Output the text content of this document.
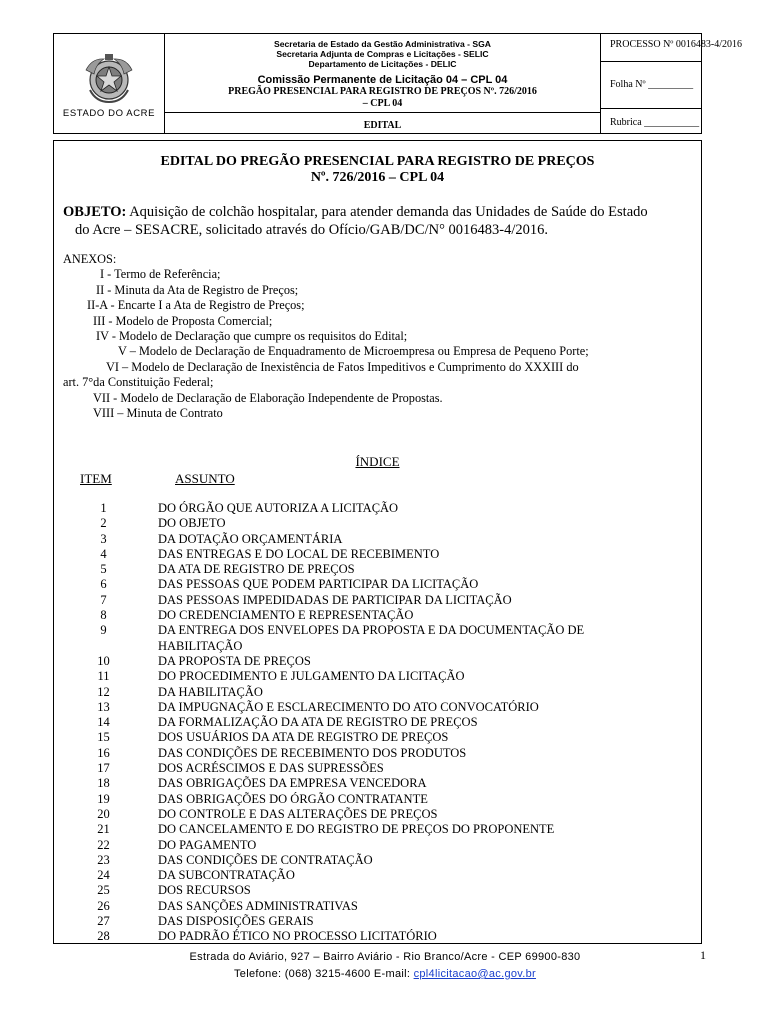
ESTADO DO ACRE
Secretaria de Estado da Gestão Administrativa - SGA
Secretaria Adjunta de Compras e Licitações - SELIC
Departamento de Licitações - DELIC
Comissão Permanente de Licitação 04 – CPL 04
PREGÃO PRESENCIAL PARA REGISTRO DE PREÇOS Nº. 726/2016
– CPL 04
EDITAL
PROCESSO Nº 0016483-4/2016
Folha Nº _________
Rubrica ___________
EDITAL DO PREGÃO PRESENCIAL PARA REGISTRO DE PREÇOS
Nº. 726/2016 – CPL 04
OBJETO: Aquisição de colchão hospitalar, para atender demanda das Unidades de Saúde do Estado
do Acre – SESACRE, solicitado através do Ofício/GAB/DC/N° 0016483-4/2016.
ANEXOS:
I - Termo de Referência;
II - Minuta da Ata de Registro de Preços;
II-A - Encarte I a Ata de Registro de Preços;
III - Modelo de Proposta Comercial;
IV - Modelo de Declaração que cumpre os requisitos do Edital;
V – Modelo de Declaração de Enquadramento de Microempresa ou Empresa de Pequeno Porte;
VI – Modelo de Declaração de Inexistência de Fatos Impeditivos e Cumprimento do XXXIII do
art. 7°da Constituição Federal;
VII - Modelo de Declaração de Elaboração Independente de Propostas.
VIII – Minuta de Contrato
ÍNDICE
ITEM	ASSUNTO
1	DO ÓRGÃO QUE AUTORIZA A LICITAÇÃO
2	DO OBJETO
3	DA DOTAÇÃO ORÇAMENTÁRIA
4	DAS ENTREGAS E DO LOCAL DE RECEBIMENTO
5	DA ATA DE REGISTRO DE PREÇOS
6	DAS PESSOAS QUE PODEM PARTICIPAR DA LICITAÇÃO
7	DAS PESSOAS IMPEDIDADAS DE PARTICIPAR DA LICITAÇÃO
8	DO CREDENCIAMENTO E REPRESENTAÇÃO
9	DA ENTREGA DOS ENVELOPES DA PROPOSTA E DA DOCUMENTAÇÃO DE HABILITAÇÃO
10	DA PROPOSTA DE PREÇOS
11	DO PROCEDIMENTO E JULGAMENTO DA LICITAÇÃO
12	DA HABILITAÇÃO
13	DA IMPUGNAÇÃO E ESCLARECIMENTO DO ATO CONVOCATÓRIO
14	DA FORMALIZAÇÃO DA ATA DE REGISTRO DE PREÇOS
15	DOS USUÁRIOS DA ATA DE REGISTRO DE PREÇOS
16	DAS CONDIÇÕES DE RECEBIMENTO DOS PRODUTOS
17	DOS ACRÉSCIMOS E DAS SUPRESSÕES
18	DAS OBRIGAÇÕES DA EMPRESA VENCEDORA
19	DAS OBRIGAÇÕES DO ÓRGÃO CONTRATANTE
20	DO CONTROLE E DAS ALTERAÇÕES DE PREÇOS
21	DO CANCELAMENTO E DO REGISTRO DE PREÇOS DO PROPONENTE
22	DO PAGAMENTO
23	DAS CONDIÇÕES DE CONTRATAÇÃO
24	DA SUBCONTRATAÇÃO
25	DOS RECURSOS
26	DAS SANÇÕES ADMINISTRATIVAS
27	DAS DISPOSIÇÕES GERAIS
28	DO PADRÃO ÉTICO NO PROCESSO LICITATÓRIO
Estrada do Aviário, 927 – Bairro Aviário - Rio Branco/Acre - CEP 69900-830
Telefone: (068) 3215-4600 E-mail: cpl4licitacao@ac.gov.br
1
